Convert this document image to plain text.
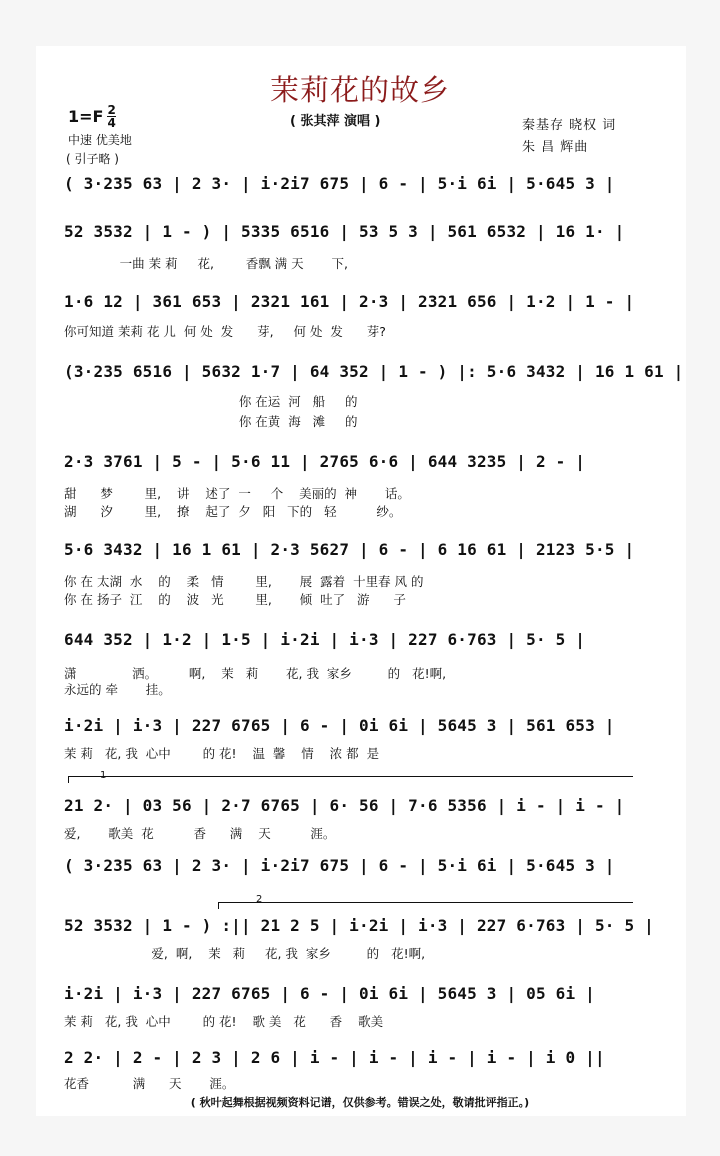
茉莉花的故乡
( 张其萍 演唱 )
$1=F \frac{2}{4}$
中速 优美地
( 引子略 )
秦基存 晓权 词
朱 昌 辉曲
( 3·235 63 | 2 3· | i·2i7 675 | 6 - | 5·i 6i | 5·645 3 |
52 3532 | 1 - ) | 5335 6516 | 53 5 3 | 561 6532 | 16 1· |
一曲 茉 莉     花,        香飘 满 天       下,
1·6 12 | 361 653 | 2321 161 | 2·3 | 2321 656 | 1·2 | 1 - |
你可知道 茉莉 花 儿  何 处  发      芽,     何 处  发      芽?
(3·235 6516 | 5632 1·7 | 64 352 | 1 - ) |: 5·6 3432 | 16 1 61 |
你 在运  河   船     的
你 在黄  海   滩     的
2·3 3761 | 5 - | 5·6 11 | 2765 6·6 | 644 3235 | 2 - |
甜      梦        里,    讲    述了  一     个    美丽的  神       话。
湖      汐        里,    撩    起了  夕   阳   下的   轻          纱。
5·6 3432 | 16 1 61 | 2·3 5627 | 6 - | 6 16 61 | 2123 5·5 |
你 在 太湖  水    的    柔   情        里,       展  露着  十里春 风 的
你 在 扬子  江    的    波   光        里,       倾  吐了   游      子
644 352 | 1·2 | 1·5 | i·2i | i·3 | 227 6·763 | 5· 5 |
潇              洒。        啊,    茉   莉       花, 我  家乡         的   花!啊,
永远的 牵       挂。
i·2i | i·3 | 227 6765 | 6 - | 0i 6i | 5645 3 | 561 653 |
茉 莉   花, 我  心中        的 花!    温  馨    情    浓 都  是
1
21 2· | 03 56 | 2·7 6765 | 6· 56 | 7·6 5356 | i - | i - |
爱,       歌美  花          香      满    天          涯。
( 3·235 63 | 2 3· | i·2i7 675 | 6 - | 5·i 6i | 5·645 3 |
2
52 3532 | 1 - ) :|| 21 2 5 | i·2i | i·3 | 227 6·763 | 5· 5 |
爱,  啊,    茉   莉     花, 我  家乡         的   花!啊,
i·2i | i·3 | 227 6765 | 6 - | 0i 6i | 5645 3 | 05 6i |
茉 莉   花, 我  心中        的 花!    歌 美   花      香    歌美
2 2· | 2 - | 2 3 | 2 6 | i - | i - | i - | i - | i 0 ||
花香           满      天       涯。
( 秋叶起舞根据视频资料记谱，仅供参考。错误之处，敬请批评指正。)
